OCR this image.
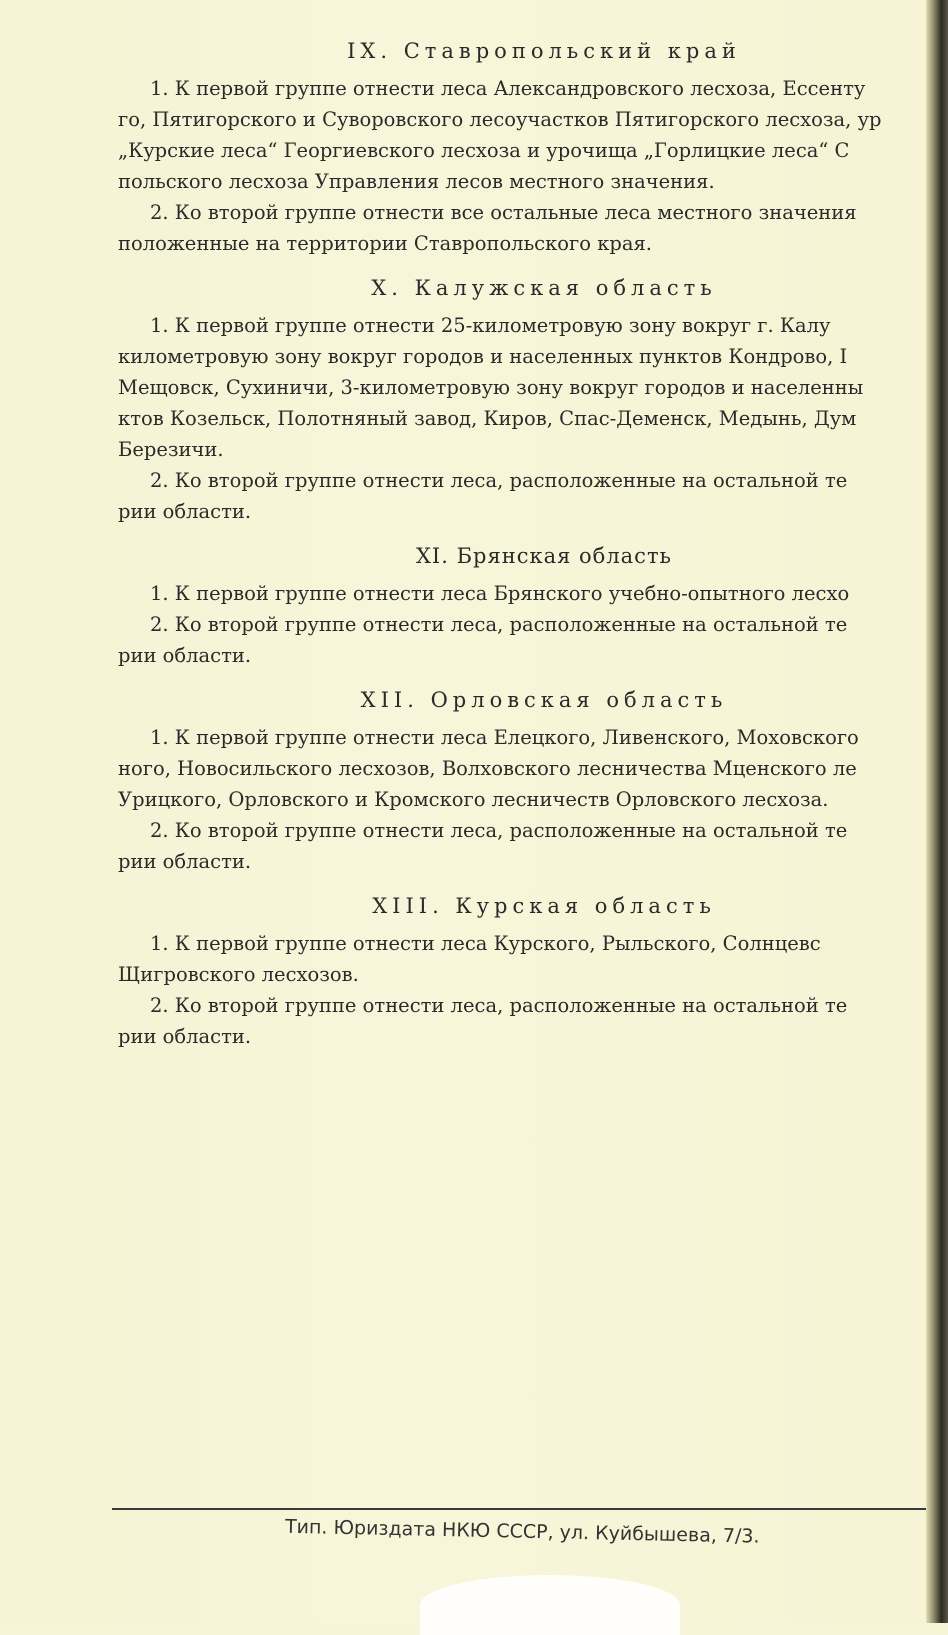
IX. Ставропольский край
1. К первой группе отнести леса Александровского лесхоза, Ессенту
го, Пятигорского и Суворовского лесоучастков Пятигорского лесхоза, ур
„Курские леса“ Георгиевского лесхоза и урочища „Горлицкие леса“ С
польского лесхоза Управления лесов местного значения.
2. Ко второй группе отнести все остальные леса местного значения
положенные на территории Ставропольского края.
X. Калужская область
1. К первой группе отнести 25-километровую зону вокруг г. Калу
километровую зону вокруг городов и населенных пунктов Кондрово, I
Мещовск, Сухиничи, 3-километровую зону вокруг городов и населенны
ктов Козельск, Полотняный завод, Киров, Спас-Деменск, Медынь, Дум
Березичи.
2. Ко второй группе отнести леса, расположенные на остальной те
рии области.
XI. Брянская область
1. К первой группе отнести леса Брянского учебно-опытного лесхо
2. Ко второй группе отнести леса, расположенные на остальной те
рии области.
XII. Орловская область
1. К первой группе отнести леса Елецкого, Ливенского, Моховского
ного, Новосильского лесхозов, Волховского лесничества Мценского ле
Урицкого, Орловского и Кромского лесничеств Орловского лесхоза.
2. Ко второй группе отнести леса, расположенные на остальной те
рии области.
XIII. Курская область
1. К первой группе отнести леса Курского, Рыльского, Солнцевс
Щигровского лесхозов.
2. Ко второй группе отнести леса, расположенные на остальной те
рии области.
Тип. Юриздата НКЮ СССР, ул. Куйбышева, 7/3.
